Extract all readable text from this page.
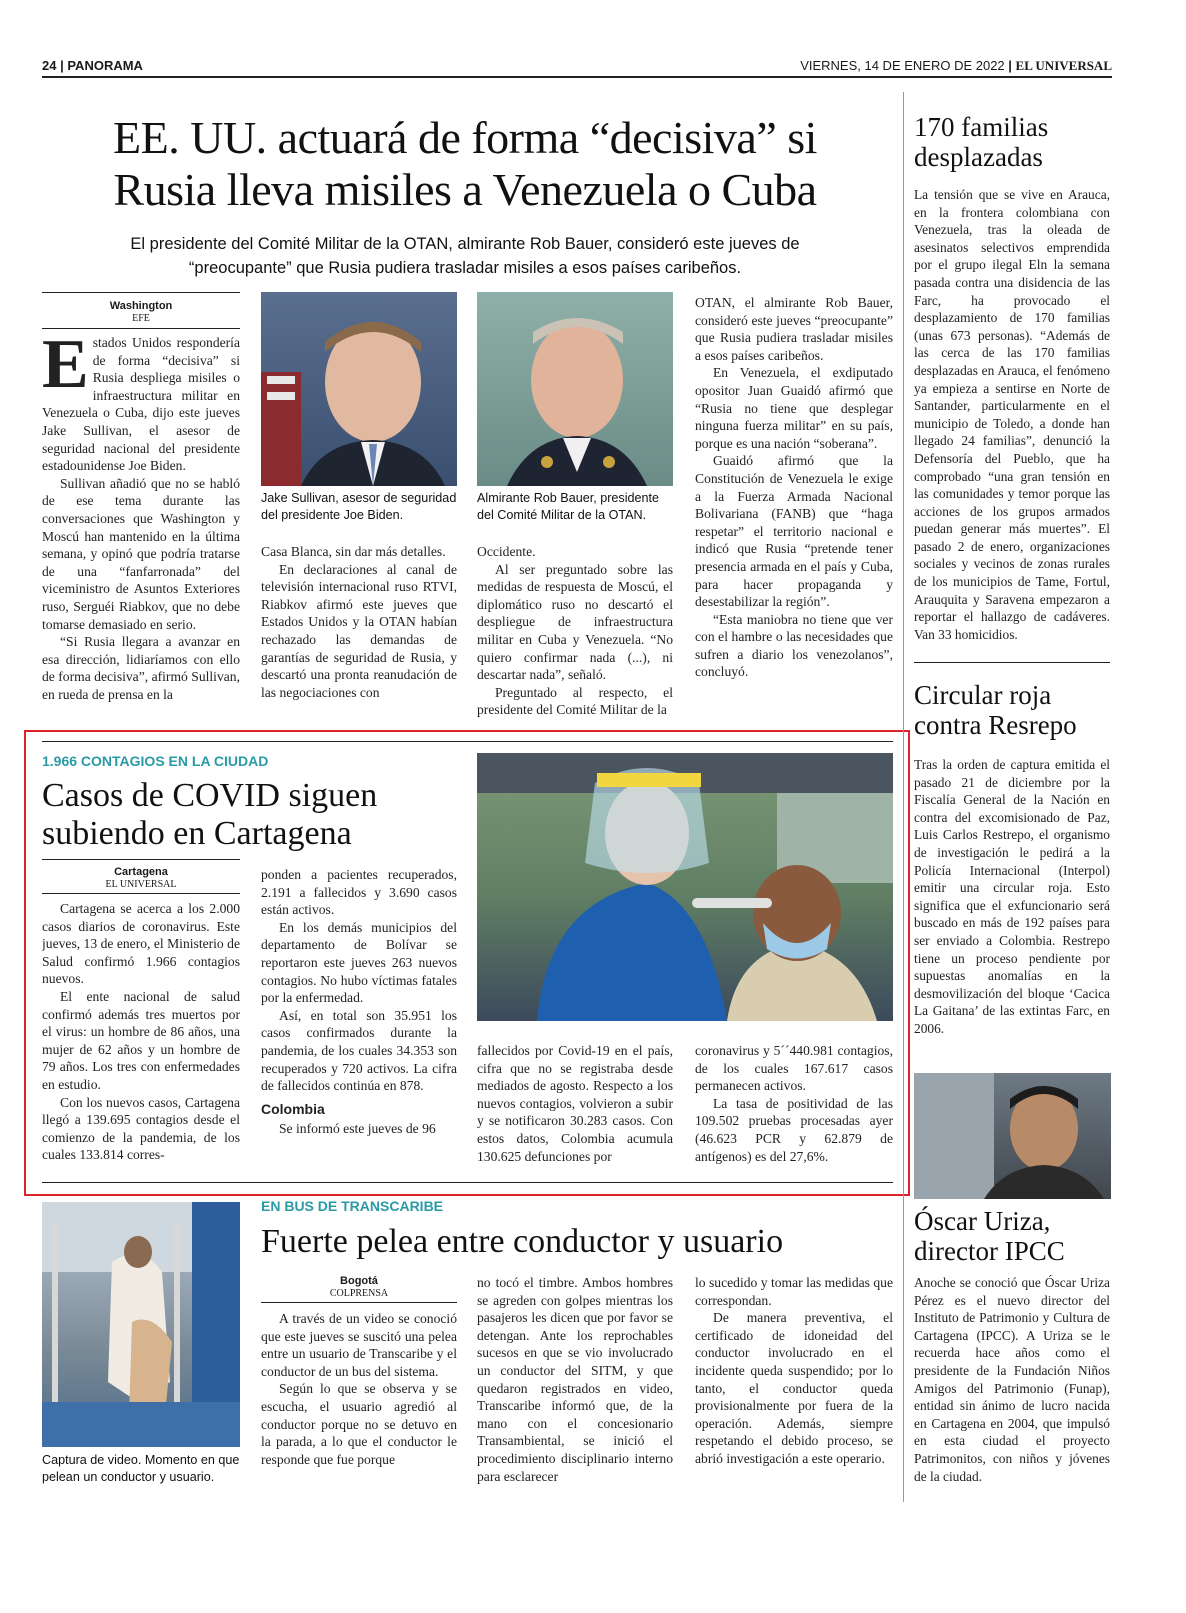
24 | PANORAMA	VIERNES, 14 DE ENERO DE 2022 | EL UNIVERSAL
EE. UU. actuará de forma “decisiva” si
Rusia lleva misiles a Venezuela o Cuba
El presidente del Comité Militar de la OTAN, almirante Rob Bauer, consideró este jueves de
“preocupante” que Rusia pudiera trasladar misiles a esos países caribeños.
Washington
EFE

Estados Unidos respondería de forma “decisiva” si Rusia despliega misiles o infraestructura militar en Venezuela o Cuba, dijo este jueves Jake Sullivan, el asesor de seguridad nacional del presidente estadounidense Joe Biden.

Sullivan añadió que no se habló de ese tema durante las conversaciones que Washington y Moscú han mantenido en la última semana, y opinó que podría tratarse de una “fanfarronada” del viceministro de Asuntos Exteriores ruso, Serguéi Riabkov, que no debe tomarse demasiado en serio.

“Si Rusia llegara a avanzar en esa dirección, lidiaríamos con ello de forma decisiva”, afirmó Sullivan, en rueda de prensa en la

Jake Sullivan, asesor de seguridad del presidente Joe Biden.
Almirante Rob Bauer, presidente del Comité Militar de la OTAN.

Casa Blanca, sin dar más detalles.

En declaraciones al canal de televisión internacional ruso RTVI, Riabkov afirmó este jueves que Estados Unidos y la OTAN habían rechazado las demandas de garantías de seguridad de Rusia, y descartó una pronta reanudación de las negociaciones con

Occidente.

Al ser preguntado sobre las medidas de respuesta de Moscú, el diplomático ruso no descartó el despliegue de infraestructura militar en Cuba y Venezuela. “No quiero confirmar nada (...), ni descartar nada”, señaló.

Preguntado al respecto, el presidente del Comité Militar de la

OTAN, el almirante Rob Bauer, consideró este jueves “preocupante” que Rusia pudiera trasladar misiles a esos países caribeños.

En Venezuela, el exdiputado opositor Juan Guaidó afirmó que “Rusia no tiene que desplegar ninguna fuerza militar” en su país, porque es una nación “soberana”.

Guaidó afirmó que la Constitución de Venezuela le exige a la Fuerza Armada Nacional Bolivariana (FANB) que “haga respetar” el territorio nacional e indicó que Rusia “pretende tener presencia armada en el país y Cuba, para hacer propaganda y desestabilizar la región”.

“Esta maniobra no tiene que ver con el hambre o las necesidades que sufren a diario los venezolanos”, concluyó.

1.966 CONTAGIOS EN LA CIUDAD
Casos de COVID siguen
subiendo en Cartagena
Cartagena
EL UNIVERSAL

Cartagena se acerca a los 2.000 casos diarios de coronavirus. Este jueves, 13 de enero, el Ministerio de Salud confirmó 1.966 contagios nuevos.

El ente nacional de salud confirmó además tres muertos por el virus: un hombre de 86 años, una mujer de 62 años y un hombre de 79 años. Los tres con enfermedades en estudio.

Con los nuevos casos, Cartagena llegó a 139.695 contagios desde el comienzo de la pandemia, de los cuales 133.814 corres-

ponden a pacientes recuperados, 2.191 a fallecidos y 3.690 casos están activos.

En los demás municipios del departamento de Bolívar se reportaron este jueves 263 nuevos contagios. No hubo víctimas fatales por la enfermedad.

Así, en total son 35.951 los casos confirmados durante la pandemia, de los cuales 34.353 son recuperados y 720 activos. La cifra de fallecidos continúa en 878.

Colombia

Se informó este jueves de 96

fallecidos por Covid-19 en el país, cifra que no se registraba desde mediados de agosto. Respecto a los nuevos contagios, volvieron a subir y se notificaron 30.283 casos. Con estos datos, Colombia acumula 130.625 defunciones por

coronavirus y 5´´440.981 contagios, de los cuales 167.617 casos permanecen activos.

La tasa de positividad de las 109.502 pruebas procesadas ayer (46.623 PCR y 62.879 de antígenos) es del 27,6%.

Captura de video. Momento en que pelean un conductor y usuario.
EN BUS DE TRANSCARIBE
Fuerte pelea entre conductor y usuario
Bogotá
COLPRENSA

A través de un video se conoció que este jueves se suscitó una pelea entre un usuario de Transcaribe y el conductor de un bus del sistema.

Según lo que se observa y se escucha, el usuario agredió al conductor porque no se detuvo en la parada, a lo que el conductor le responde que fue porque

no tocó el timbre. Ambos hombres se agreden con golpes mientras los pasajeros les dicen que por favor se detengan. Ante los reprochables sucesos en que se vio involucrado un conductor del SITM, y que quedaron registrados en video, Transcaribe informó que, de la mano con el concesionario Transambiental, se inició el procedimiento disciplinario interno para esclarecer

lo sucedido y tomar las medidas que correspondan.

De manera preventiva, el certificado de idoneidad del conductor involucrado en el incidente queda suspendido; por lo tanto, el conductor queda provisionalmente por fuera de la operación. Además, siempre respetando el debido proceso, se abrió investigación a este operario.

170 familias
desplazadas
La tensión que se vive en Arauca, en la frontera colombiana con Venezuela, tras la oleada de asesinatos selectivos emprendida por el grupo ilegal Eln la semana pasada contra una disidencia de las Farc, ha provocado el desplazamiento de 170 familias (unas 673 personas). “Además de las cerca de las 170 familias desplazadas en Arauca, el fenómeno ya empieza a sentirse en Norte de Santander, particularmente en el municipio de Toledo, a donde han llegado 24 familias”, denunció la Defensoría del Pueblo, que ha comprobado “una gran tensión en las comunidades y temor porque las acciones de los grupos armados puedan generar más muertes”. El pasado 2 de enero, organizaciones sociales y vecinos de zonas rurales de los municipios de Tame, Fortul, Arauquita y Saravena empezaron a reportar el hallazgo de cadáveres. Van 33 homicidios.
Circular roja
contra Resrepo
Tras la orden de captura emitida el pasado 21 de diciembre por la Fiscalía General de la Nación en contra del excomisionado de Paz, Luis Carlos Restrepo, el organismo de investigación le pedirá a la Policía Internacional (Interpol) emitir una circular roja. Esto significa que el exfuncionario será buscado en más de 192 países para ser enviado a Colombia. Restrepo tiene un proceso pendiente por supuestas anomalías en la desmovilización del bloque ‘Cacica La Gaitana’ de las extintas Farc, en 2006.
Óscar Uriza,
director IPCC
Anoche se conoció que Óscar Uriza Pérez es el nuevo director del Instituto de Patrimonio y Cultura de Cartagena (IPCC). A Uriza se le recuerda hace años como el presidente de la Fundación Niños Amigos del Patrimonio (Funap), entidad sin ánimo de lucro nacida en Cartagena en 2004, que impulsó en esta ciudad el proyecto Patrimonitos, con niños y jóvenes de la ciudad.
